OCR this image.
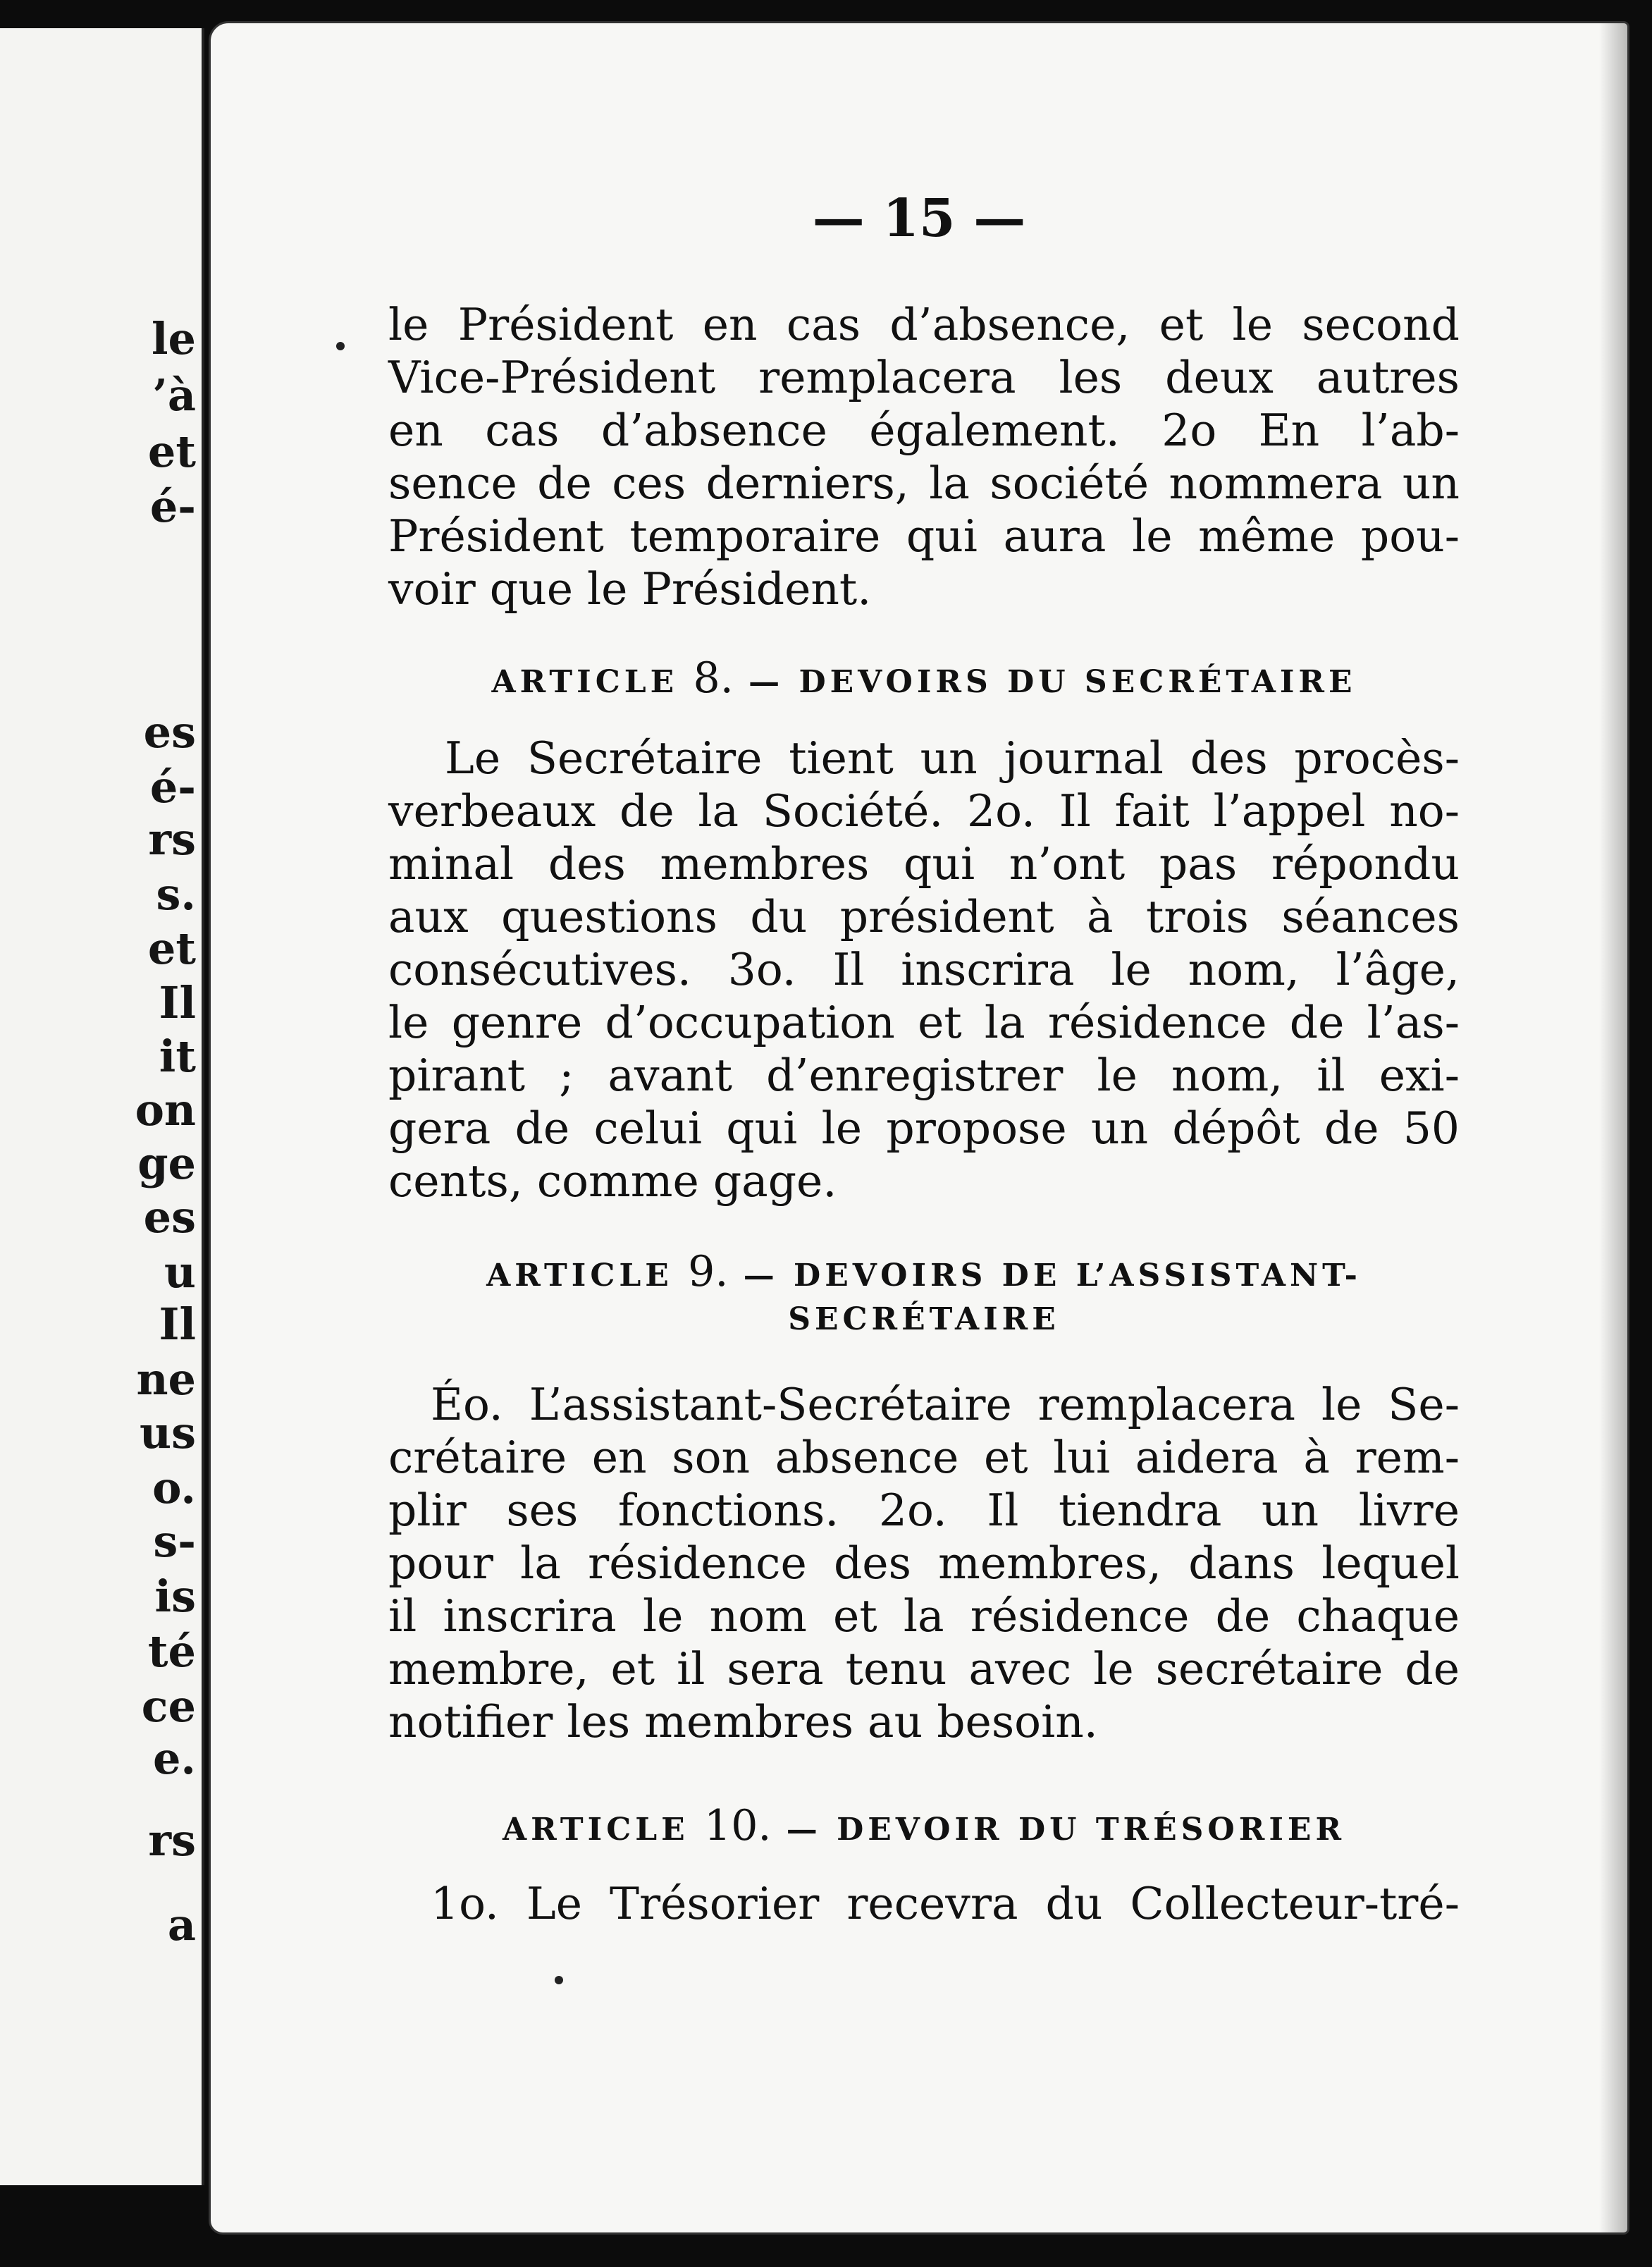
le

’à

et

é-

es

é-

rs

s.

et

Il

it

on

ge

es

u

Il

ne

us

o.

s-

is

té

ce

e.

rs

a

— 15 —

le Président en cas d’absence, et le second
Vice-Président remplacera les deux autres
en cas d’absence également. 2o En l’ab-
sence de ces derniers, la société nommera un
Président temporaire qui aura le même pou-
voir que le Président.

ARTICLE 8. — DEVOIRS DU SECRÉTAIRE

Le Secrétaire tient un journal des procès-
verbeaux de la Société. 2o. Il fait l’appel no-
minal des membres qui n’ont pas répondu
aux questions du président à trois séances
consécutives. 3o. Il inscrira le nom, l’âge,
le genre d’occupation et la résidence de l’as-
pirant ; avant d’enregistrer le nom, il exi-
gera de celui qui le propose un dépôt de 50
cents, comme gage.

ARTICLE 9. — DEVOIRS DE L’ASSISTANT-

SECRÉTAIRE

Éo. L’assistant-Secrétaire remplacera le Se-
crétaire en son absence et lui aidera à rem-
plir ses fonctions. 2o. Il tiendra un livre
pour la résidence des membres, dans lequel
il inscrira le nom et la résidence de chaque
membre, et il sera tenu avec le secrétaire de
notifier les membres au besoin.

ARTICLE 10. — DEVOIR DU TRÉSORIER

1o. Le Trésorier recevra du Collecteur-tré-
